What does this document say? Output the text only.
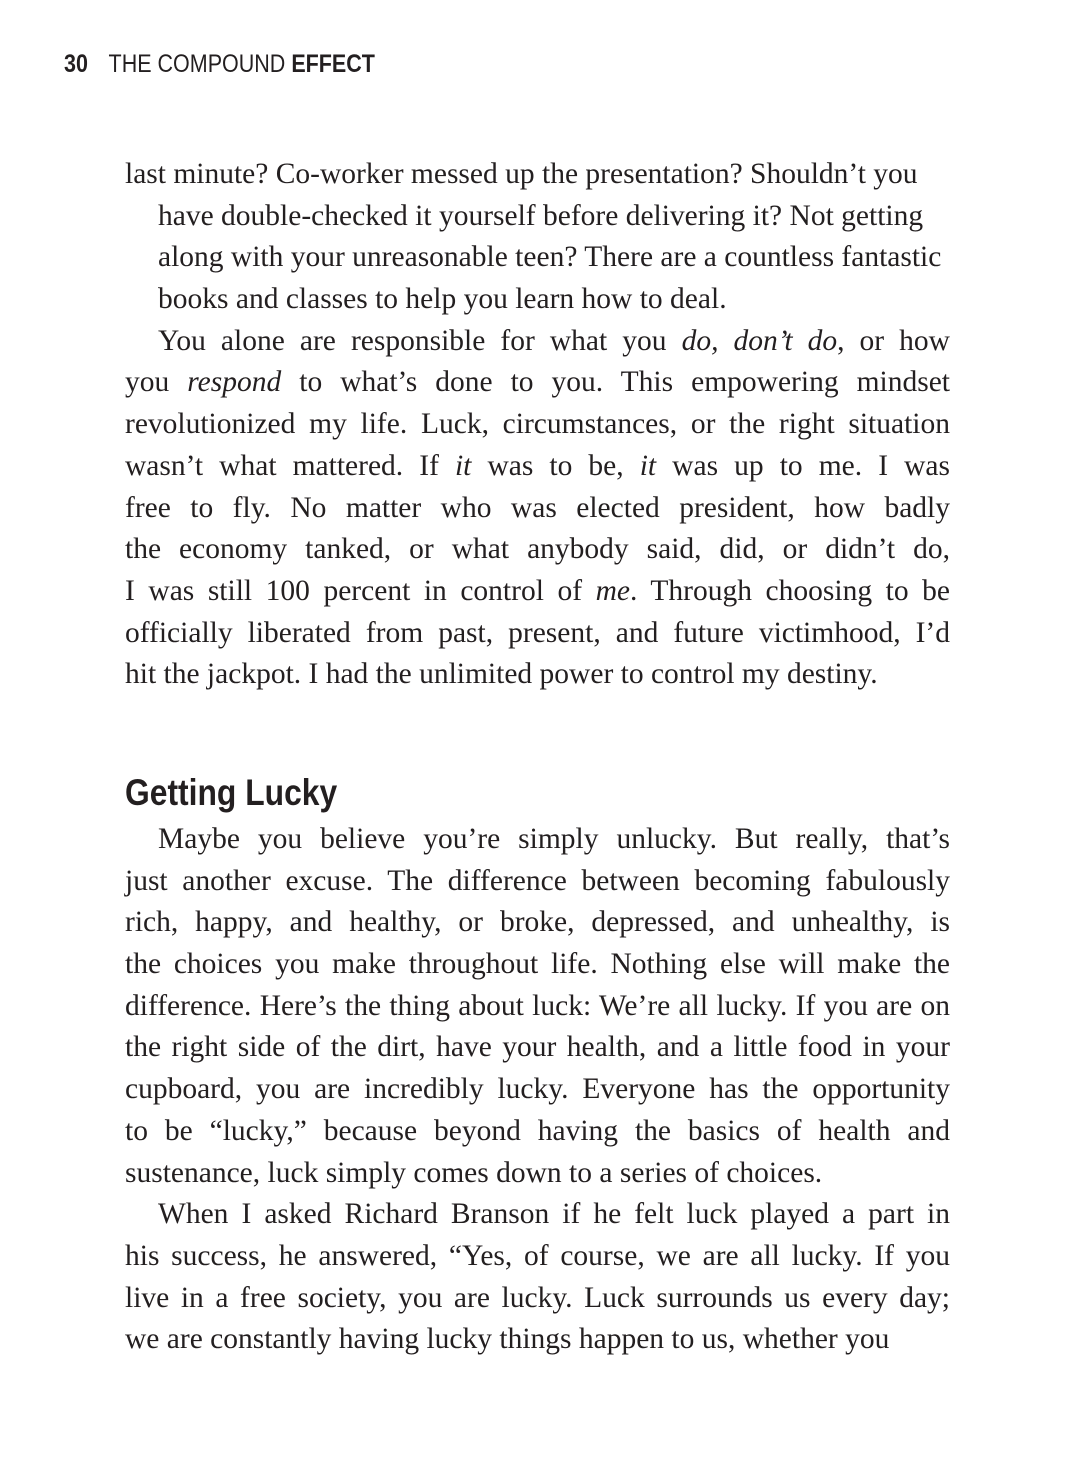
30 THE COMPOUND EFFECT
last minute? Co-worker messed up the presentation? Shouldn’t you
have double-checked it yourself before delivering it? Not getting
along with your unreasonable teen? There are a countless fantastic
books and classes to help you learn how to deal.
You alone are responsible for what you do, don’t do, or how
you respond to what’s done to you. This empowering mindset
revolutionized my life. Luck, circumstances, or the right situation
wasn’t what mattered. If it was to be, it was up to me. I was
free to fly. No matter who was elected president, how badly
the economy tanked, or what anybody said, did, or didn’t do,
I was still 100 percent in control of me. Through choosing to be
officially liberated from past, present, and future victimhood, I’d
hit the jackpot. I had the unlimited power to control my destiny.
Getting Lucky
Maybe you believe you’re simply unlucky. But really, that’s
just another excuse. The difference between becoming fabulously
rich, happy, and healthy, or broke, depressed, and unhealthy, is
the choices you make throughout life. Nothing else will make the
difference. Here’s the thing about luck: We’re all lucky. If you are on
the right side of the dirt, have your health, and a little food in your
cupboard, you are incredibly lucky. Everyone has the opportunity
to be “lucky,” because beyond having the basics of health and
sustenance, luck simply comes down to a series of choices.
When I asked Richard Branson if he felt luck played a part in
his success, he answered, “Yes, of course, we are all lucky. If you
live in a free society, you are lucky. Luck surrounds us every day;
we are constantly having lucky things happen to us, whether you
